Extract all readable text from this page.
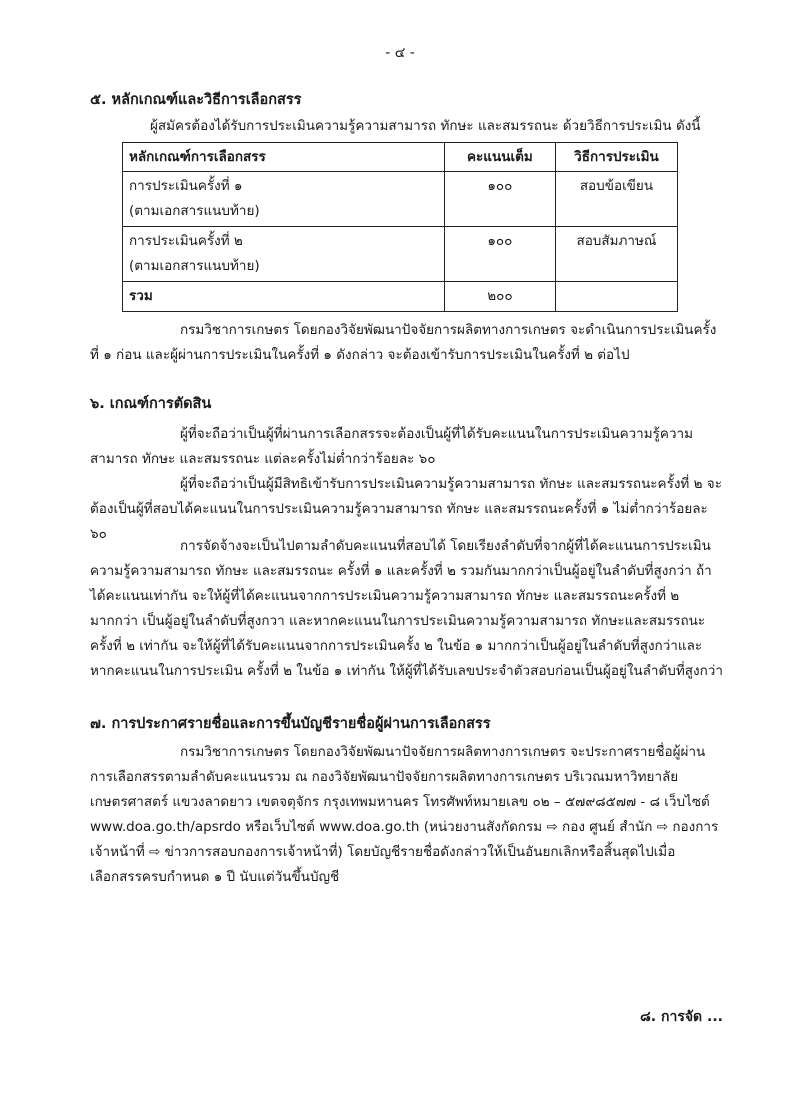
- ๔ -
๕. หลักเกณฑ์และวิธีการเลือกสรร
ผู้สมัครต้องได้รับการประเมินความรู้ความสามารถ ทักษะ และสมรรถนะ ด้วยวิธีการประเมิน ดังนี้
หลักเกณฑ์การเลือกสรร	คะแนนเต็ม	วิธีการประเมิน

การประเมินครั้งที่ ๑
(ตามเอกสารแนบท้าย)	๑๐๐	สอบข้อเขียน

การประเมินครั้งที่ ๒
(ตามเอกสารแนบท้าย)	๑๐๐	สอบสัมภาษณ์
รวม	๒๐๐	
กรมวิชาการเกษตร โดยกองวิจัยพัฒนาปัจจัยการผลิตทางการเกษตร จะดำเนินการประเมินครั้งที่ ๑ ก่อน และผู้ผ่านการประเมินในครั้งที่ ๑ ดังกล่าว จะต้องเข้ารับการประเมินในครั้งที่ ๒ ต่อไป
๖. เกณฑ์การตัดสิน
ผู้ที่จะถือว่าเป็นผู้ที่ผ่านการเลือกสรรจะต้องเป็นผู้ที่ได้รับคะแนนในการประเมินความรู้ความสามารถ ทักษะ และสมรรถนะ แต่ละครั้งไม่ต่ำกว่าร้อยละ ๖๐
ผู้ที่จะถือว่าเป็นผู้มีสิทธิเข้ารับการประเมินความรู้ความสามารถ ทักษะ และสมรรถนะครั้งที่ ๒ จะต้องเป็นผู้ที่สอบได้คะแนนในการประเมินความรู้ความสามารถ ทักษะ และสมรรถนะครั้งที่ ๑ ไม่ต่ำกว่าร้อยละ ๖๐
การจัดจ้างจะเป็นไปตามลำดับคะแนนที่สอบได้ โดยเรียงลำดับที่จากผู้ที่ได้คะแนนการประเมินความรู้ความสามารถ ทักษะ และสมรรถนะ ครั้งที่ ๑ และครั้งที่ ๒ รวมกันมากกว่าเป็นผู้อยู่ในลำดับที่สูงกว่า ถ้าได้คะแนนเท่ากัน จะให้ผู้ที่ได้คะแนนจากการประเมินความรู้ความสามารถ ทักษะ และสมรรถนะครั้งที่ ๒ มากกว่า เป็นผู้อยู่ในลำดับที่สูงกวา และหากคะแนนในการประเมินความรู้ความสามารถ ทักษะและสมรรถนะครั้งที่ ๒ เท่ากัน จะให้ผู้ที่ได้รับคะแนนจากการประเมินครั้ง ๒ ในข้อ ๑ มากกว่าเป็นผู้อยู่ในลำดับที่สูงกว่าและหากคะแนนในการประเมิน ครั้งที่ ๒ ในข้อ ๑ เท่ากัน ให้ผู้ที่ได้รับเลขประจำตัวสอบก่อนเป็นผู้อยู่ในลำดับที่สูงกว่า
๗. การประกาศรายชื่อและการขึ้นบัญชีรายชื่อผู้ผ่านการเลือกสรร
กรมวิชาการเกษตร โดยกองวิจัยพัฒนาปัจจัยการผลิตทางการเกษตร จะประกาศรายชื่อผู้ผ่านการเลือกสรรตามลำดับคะแนนรวม ณ กองวิจัยพัฒนาปัจจัยการผลิตทางการเกษตร บริเวณมหาวิทยาลัยเกษตรศาสตร์ แขวงลาดยาว เขตจตุจักร กรุงเทพมหานคร โทรศัพท์หมายเลข ๐๒ – ๕๗๙๘๕๗๗ - ๘ เว็บไซต์ www.doa.go.th/apsrdo หรือเว็บไซต์ www.doa.go.th (หน่วยงานสังกัดกรม ⇨ กอง ศูนย์ สำนัก ⇨ กองการเจ้าหน้าที่ ⇨ ข่าวการสอบกองการเจ้าหน้าที่) โดยบัญชีรายชื่อดังกล่าวให้เป็นอันยกเลิกหรือสิ้นสุดไปเมื่อเลือกสรรครบกำหนด ๑ ปี นับแต่วันขึ้นบัญชี
๘. การจัด ...
